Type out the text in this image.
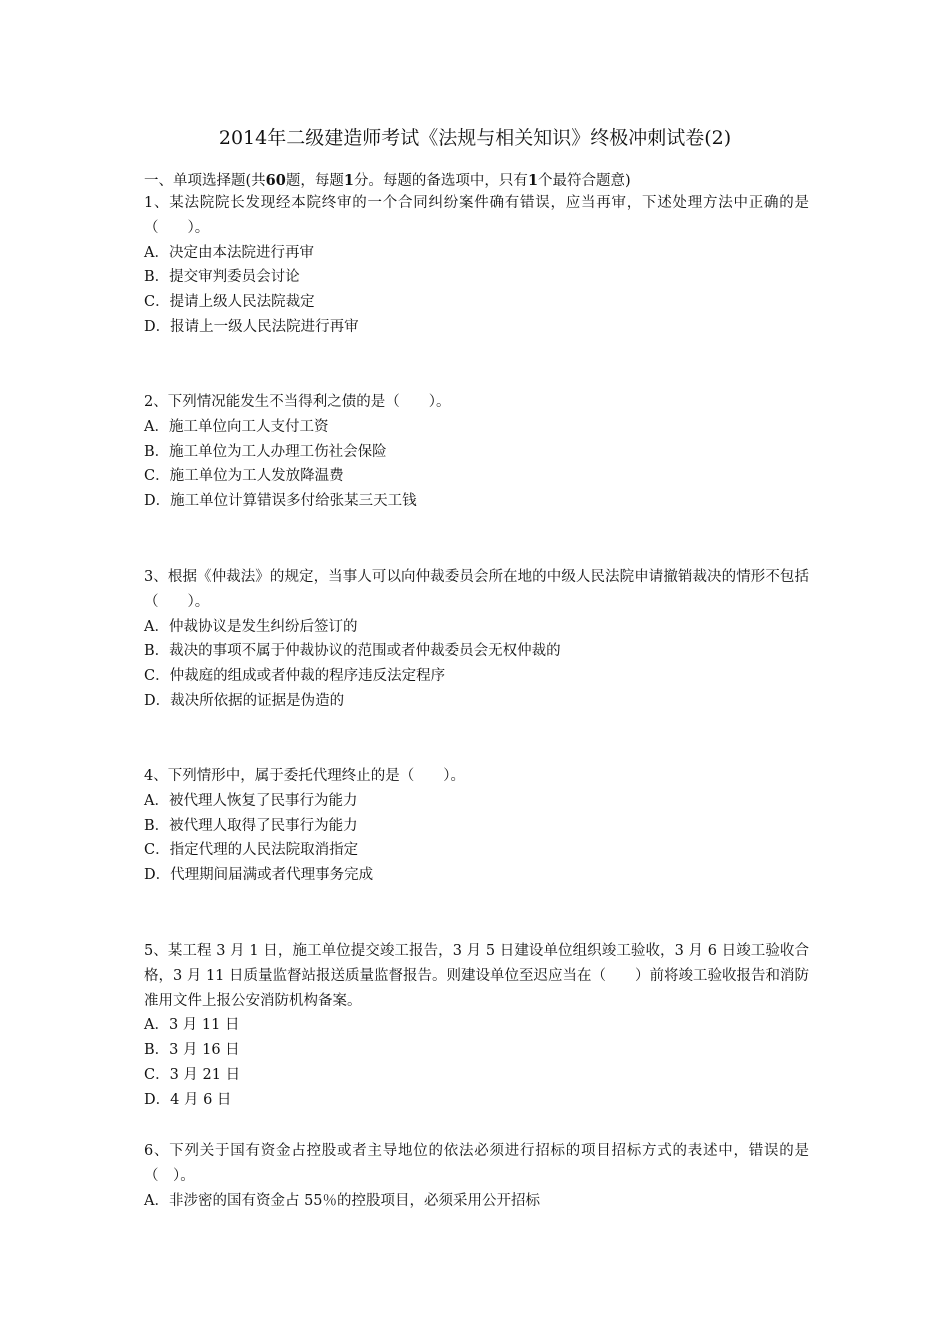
2014年二级建造师考试《法规与相关知识》终极冲刺试卷(2)
一、单项选择题(共60题，每题1分。每题的备选项中，只有1个最符合题意)

1、某法院院长发现经本院终审的一个合同纠纷案件确有错误，应当再审，下述处理方法中正确的是（　　）。

A．决定由本法院进行再审

B．提交审判委员会讨论

C．提请上级人民法院裁定

D．报请上一级人民法院进行再审

2、下列情况能发生不当得利之债的是（　　）。

A．施工单位向工人支付工资

B．施工单位为工人办理工伤社会保险

C．施工单位为工人发放降温费

D．施工单位计算错误多付给张某三天工钱

3、根据《仲裁法》的规定，当事人可以向仲裁委员会所在地的中级人民法院申请撤销裁决的情形不包括（　　）。

A．仲裁协议是发生纠纷后签订的

B．裁决的事项不属于仲裁协议的范围或者仲裁委员会无权仲裁的

C．仲裁庭的组成或者仲裁的程序违反法定程序

D．裁决所依据的证据是伪造的

4、下列情形中，属于委托代理终止的是（　　）。

A．被代理人恢复了民事行为能力

B．被代理人取得了民事行为能力

C．指定代理的人民法院取消指定

D．代理期间届满或者代理事务完成

5、某工程 3 月 1 日，施工单位提交竣工报告，3 月 5 日建设单位组织竣工验收，3 月 6 日竣工验收合格，3 月 11 日质量监督站报送质量监督报告。则建设单位至迟应当在（　　）前将竣工验收报告和消防准用文件上报公安消防机构备案。

A．3 月 11 日

B．3 月 16 日

C．3 月 21 日

D．4 月 6 日

6、下列关于国有资金占控股或者主导地位的依法必须进行招标的项目招标方式的表述中，错误的是（　）。

A．非涉密的国有资金占 55％的控股项目，必须采用公开招标
